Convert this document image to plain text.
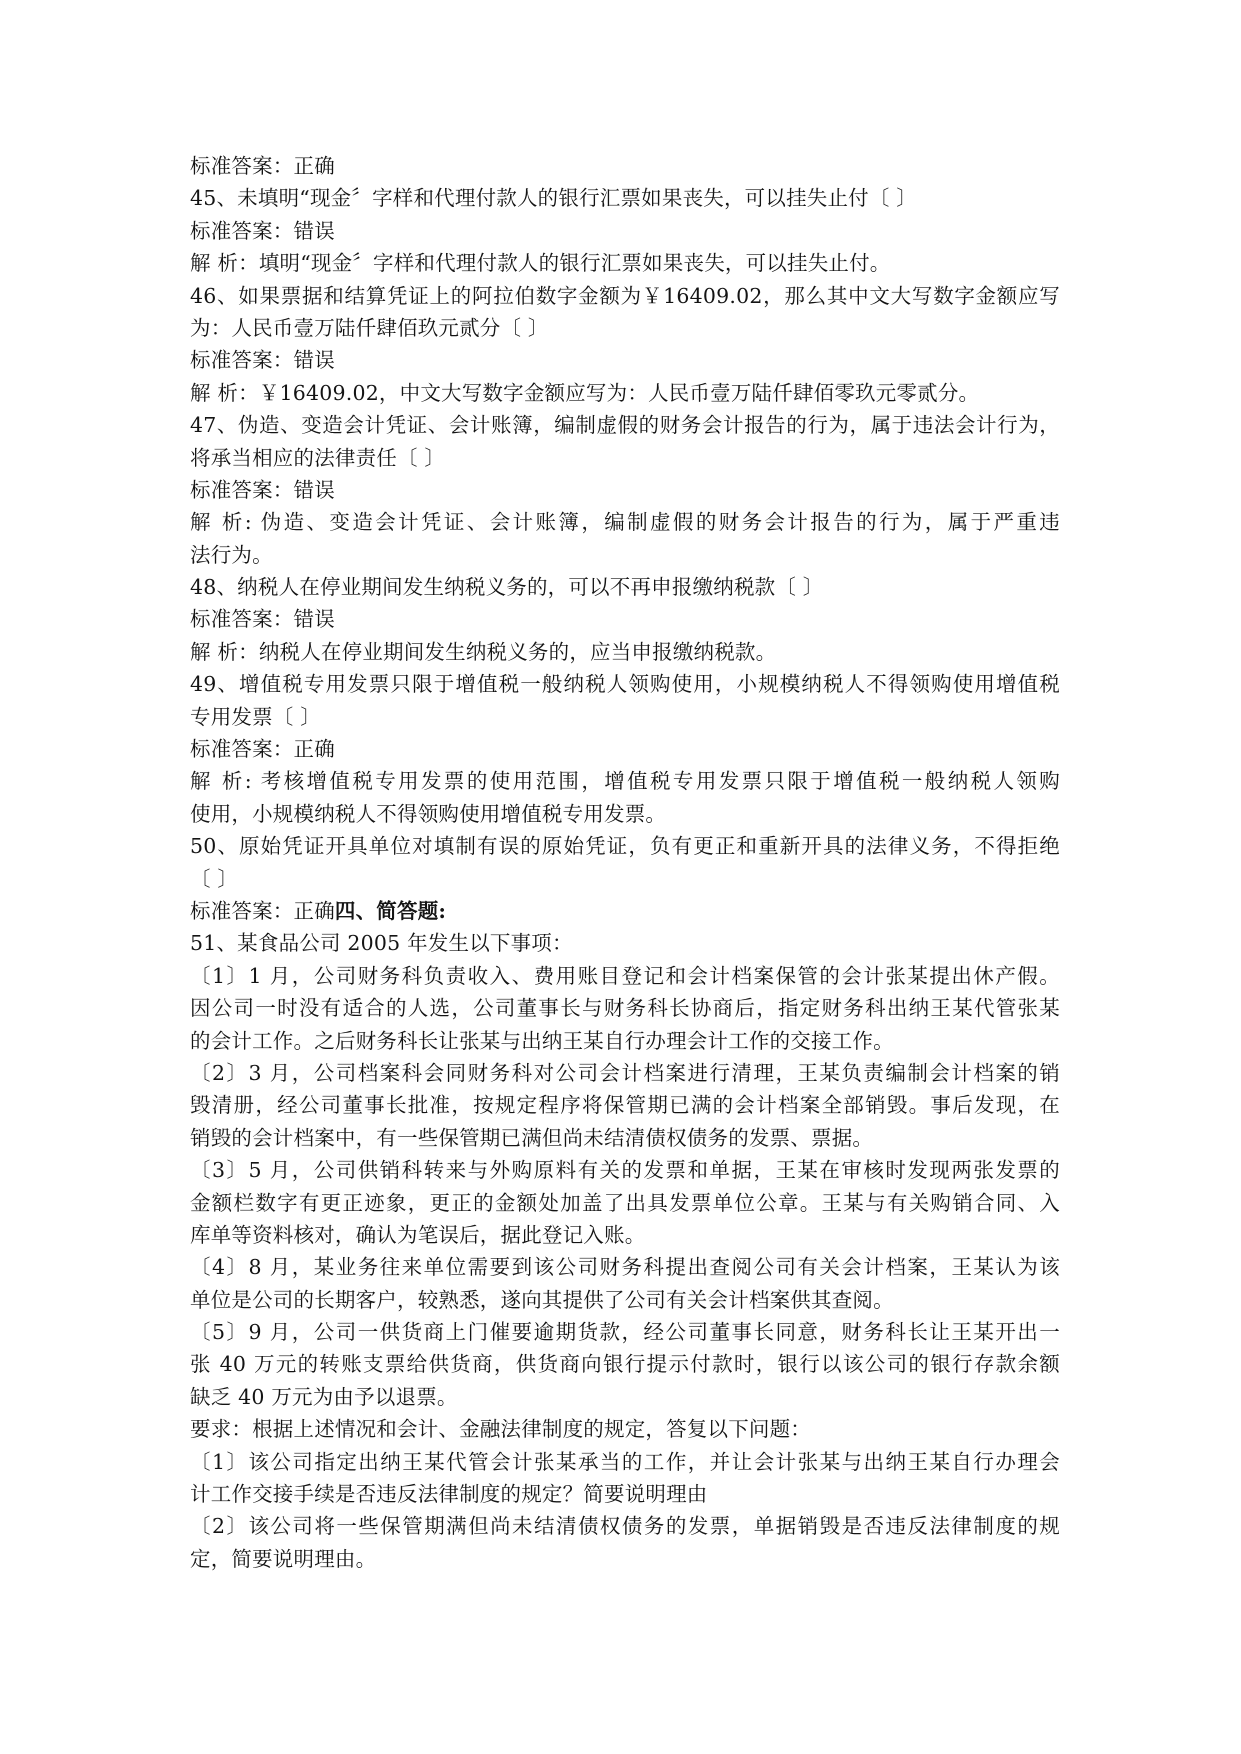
标准答案：正确
45、未填明“现金〞字样和代理付款人的银行汇票如果丧失，可以挂失止付〔 〕
标准答案：错误
解 析：填明“现金〞字样和代理付款人的银行汇票如果丧失，可以挂失止付。
46、如果票据和结算凭证上的阿拉伯数字金额为￥16409.02，那么其中文大写数字金额应写
为：人民币壹万陆仟肆佰玖元贰分〔 〕
标准答案：错误
解 析：￥16409.02，中文大写数字金额应写为：人民币壹万陆仟肆佰零玖元零贰分。
47、伪造、变造会计凭证、会计账簿，编制虚假的财务会计报告的行为，属于违法会计行为，
将承当相应的法律责任〔 〕
标准答案：错误
解 析: 伪造、变造会计凭证、会计账簿，编制虚假的财务会计报告的行为，属于严重违
法行为。
48、纳税人在停业期间发生纳税义务的，可以不再申报缴纳税款〔 〕
标准答案：错误
解 析：纳税人在停业期间发生纳税义务的，应当申报缴纳税款。
49、增值税专用发票只限于增值税一般纳税人领购使用，小规模纳税人不得领购使用增值税
专用发票〔 〕
标准答案：正确
解 析: 考核增值税专用发票的使用范围，增值税专用发票只限于增值税一般纳税人领购
使用，小规模纳税人不得领购使用增值税专用发票。
50、原始凭证开具单位对填制有误的原始凭证，负有更正和重新开具的法律义务，不得拒绝
〔 〕
标准答案：正确四、简答题:
51、某食品公司 2005 年发生以下事项：
〔1〕1 月，公司财务科负责收入、费用账目登记和会计档案保管的会计张某提出休产假。
因公司一时没有适合的人选，公司董事长与财务科长协商后，指定财务科出纳王某代管张某
的会计工作。之后财务科长让张某与出纳王某自行办理会计工作的交接工作。
〔2〕3 月，公司档案科会同财务科对公司会计档案进行清理，王某负责编制会计档案的销
毁清册，经公司董事长批准，按规定程序将保管期已满的会计档案全部销毁。事后发现，在
销毁的会计档案中，有一些保管期已满但尚未结清债权债务的发票、票据。
〔3〕5 月，公司供销科转来与外购原料有关的发票和单据，王某在审核时发现两张发票的
金额栏数字有更正迹象，更正的金额处加盖了出具发票单位公章。王某与有关购销合同、入
库单等资料核对，确认为笔误后，据此登记入账。
〔4〕8 月，某业务往来单位需要到该公司财务科提出查阅公司有关会计档案，王某认为该
单位是公司的长期客户，较熟悉，遂向其提供了公司有关会计档案供其查阅。
〔5〕9 月，公司一供货商上门催要逾期货款，经公司董事长同意，财务科长让王某开出一
张 40 万元的转账支票给供货商，供货商向银行提示付款时，银行以该公司的银行存款余额
缺乏 40 万元为由予以退票。
要求：根据上述情况和会计、金融法律制度的规定，答复以下问题：
〔1〕该公司指定出纳王某代管会计张某承当的工作，并让会计张某与出纳王某自行办理会
计工作交接手续是否违反法律制度的规定？简要说明理由
〔2〕该公司将一些保管期满但尚未结清债权债务的发票，单据销毁是否违反法律制度的规
定，简要说明理由。
